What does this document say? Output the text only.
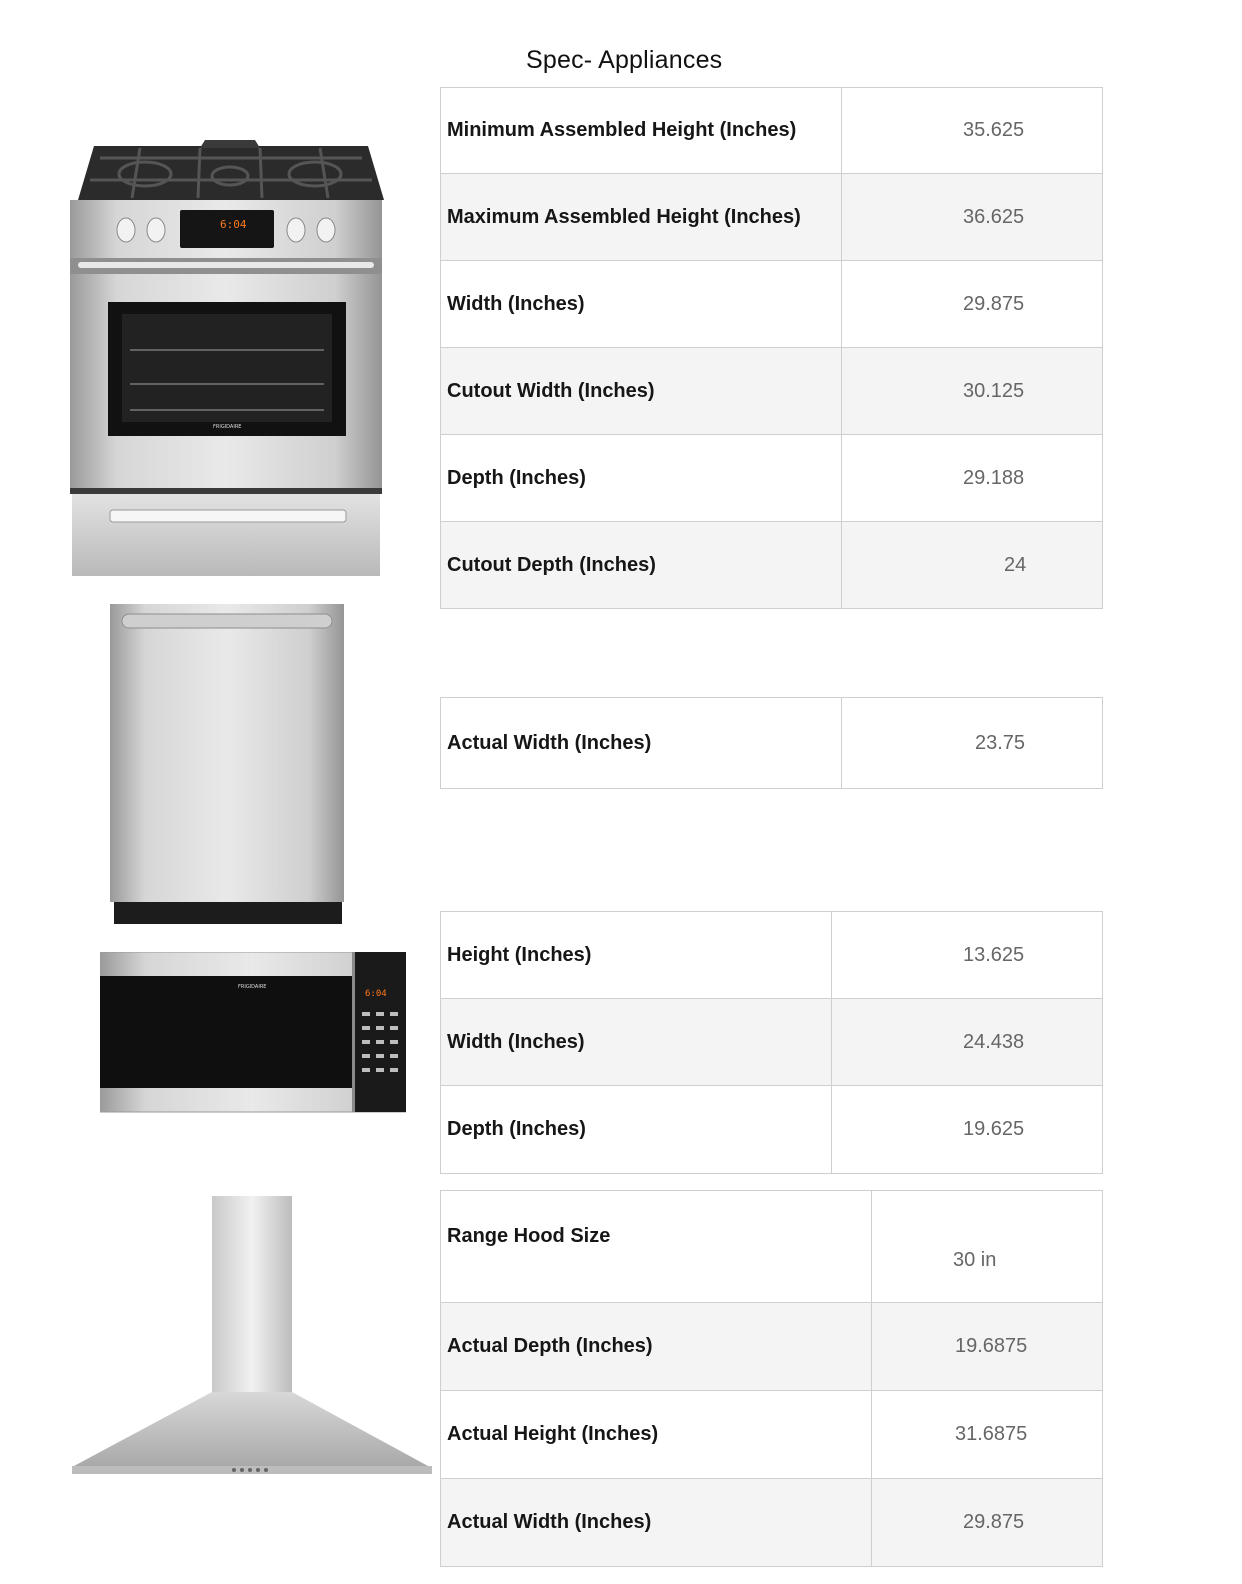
Spec- Appliances
6:04
FRIGIDAIRE
6:04
FRIGIDAIRE
Minimum Assembled Height (Inches)	35.625

Maximum Assembled Height (Inches)	36.625

Width (Inches)	29.875

Cutout Width (Inches)	30.125

Depth (Inches)	29.188

Cutout Depth (Inches)	24
Actual Width (Inches)	23.75
Height (Inches)	13.625

Width (Inches)	24.438

Depth (Inches)	19.625
Range Hood Size	30 in

Actual Depth (Inches)	19.6875

Actual Height (Inches)	31.6875

Actual Width (Inches)	29.875
